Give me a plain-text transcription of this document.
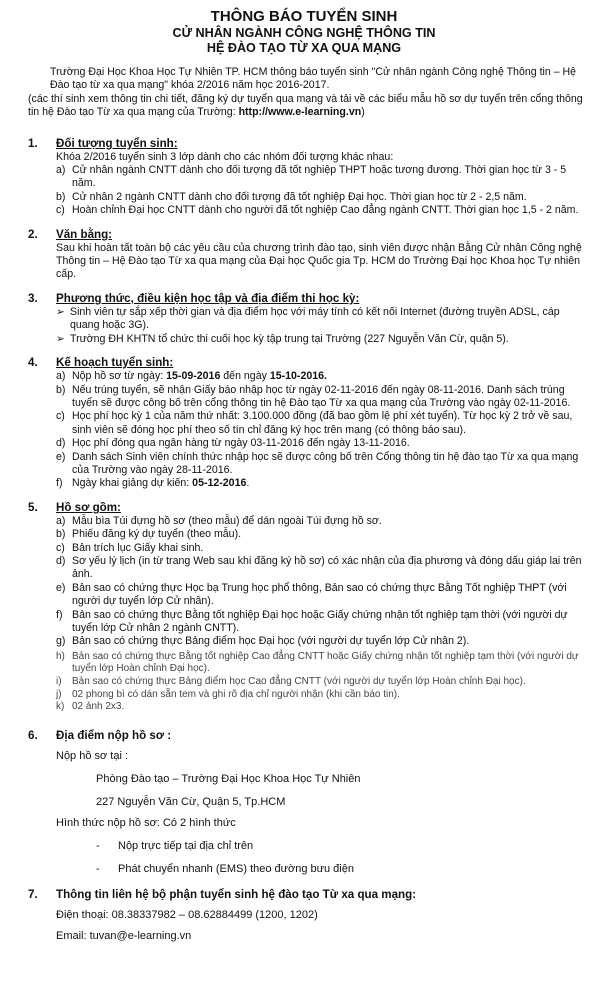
THÔNG BÁO TUYỂN SINH
CỬ NHÂN NGÀNH CÔNG NGHỆ THÔNG TIN
HỆ ĐÀO TẠO TỪ XA QUA MẠNG

Trường Đại Học Khoa Học Tự Nhiên TP. HCM thông báo tuyển sinh "Cử nhân ngành Công nghệ Thông tin – Hệ Đào tạo từ xa qua mạng" khóa 2/2016 năm học 2016-2017.

(các thí sinh xem thông tin chi tiết, đăng ký dự tuyển qua mạng và tải về các biểu mẫu hồ sơ dự tuyển trên cổng thông tin hệ Đào tạo Từ xa qua mạng của Trường: http://www.e-learning.vn)

1.	Đối tượng tuyển sinh:
Khóa 2/2016 tuyển sinh 3 lớp dành cho các nhóm đối tượng khác nhau:
a) Cử nhân ngành CNTT dành cho đối tượng đã tốt nghiệp THPT hoặc tương đương. Thời gian học từ 3 - 5 năm.
b) Cử nhân 2 ngành CNTT dành cho đối tượng đã tốt nghiệp Đại học. Thời gian học từ 2 - 2,5 năm.
c) Hoàn chỉnh Đại học CNTT dành cho người đã tốt nghiệp Cao đẳng ngành CNTT. Thời gian học 1,5 - 2 năm.
2.	Văn bằng:
Sau khi hoàn tất toàn bộ các yêu cầu của chương trình đào tạo, sinh viên được nhận Bằng Cử nhân Công nghệ Thông tin – Hệ Đào tạo Từ xa qua mạng của Đại học Quốc gia Tp. HCM do Trường Đại học Khoa học Tự nhiên cấp.
3.	Phương thức, điều kiện học tập và địa điểm thi học kỳ:
➢ Sinh viên tự sắp xếp thời gian và địa điểm học với máy tính có kết nối Internet (đường truyền ADSL, cáp quang hoặc 3G).
➢ Trường ĐH KHTN tổ chức thi cuối học kỳ tập trung tại Trường (227 Nguyễn Văn Cừ, quận 5).
4.	Kế hoạch tuyển sinh:
a) Nộp hồ sơ từ ngày: 15-09-2016 đến ngày 15-10-2016.
b) Nếu trúng tuyển, sẽ nhận Giấy báo nhập học từ ngày 02-11-2016 đến ngày 08-11-2016. Danh sách trúng tuyển sẽ được công bố trên cổng thông tin hệ Đào tạo Từ xa qua mạng của Trường vào ngày 02-11-2016.
c) Học phí học kỳ 1 của năm thứ nhất: 3.100.000 đồng (đã bao gồm lệ phí xét tuyển). Từ học kỳ 2 trở về sau, sinh viên sẽ đóng học phí theo số tín chỉ đăng ký học trên mạng (có thông báo sau).
d) Học phí đóng qua ngân hàng từ ngày 03-11-2016 đến ngày 13-11-2016.
e) Danh sách Sinh viên chính thức nhập học sẽ được công bố trên Cổng thông tin hệ đào tạo Từ xa qua mạng của Trường vào ngày 28-11-2016.
f) Ngày khai giảng dự kiến: 05-12-2016.
5.	Hồ sơ gồm:
a) Mẫu bìa Túi đựng hồ sơ (theo mẫu) để dán ngoài Túi đựng hồ sơ.
b) Phiếu đăng ký dự tuyển (theo mẫu).
c) Bản trích lục Giấy khai sinh.
d) Sơ yếu lý lịch (in từ trang Web sau khi đăng ký hồ sơ) có xác nhận của địa phương và đóng dấu giáp lai trên ảnh.
e) Bản sao có chứng thực Học bạ Trung học phổ thông, Bản sao có chứng thực Bằng Tốt nghiệp THPT (với người dự tuyển lớp Cử nhân).
f) Bản sao có chứng thực Bằng tốt nghiệp Đại học hoặc Giấy chứng nhận tốt nghiệp tạm thời (với người dự tuyển lớp Cử nhân 2 ngành CNTT).
g) Bản sao có chứng thực Bảng điểm học Đại học (với người dự tuyển lớp Cử nhân 2).
h) Bản sao có chứng thực Bằng tốt nghiệp Cao đẳng CNTT hoặc Giấy chứng nhận tốt nghiệp tạm thời (với người dự tuyển lớp Hoàn chỉnh Đại học).
i)	Bản sao có chứng thực Bảng điểm học Cao đẳng CNTT (với người dự tuyển lớp Hoàn chỉnh Đại học).
j)	02 phong bì có dán sẵn tem và ghi rõ địa chỉ người nhận (khi cần báo tin).
k) 02 ảnh 2x3.
6.	Địa điểm nộp hồ sơ :
Nộp hồ sơ tại :
Phòng Đào tạo – Trường Đại Học Khoa Học Tự Nhiên
227 Nguyễn Văn Cừ, Quận 5, Tp.HCM
Hình thức nộp hồ sơ: Có 2 hình thức
-	Nộp trực tiếp tại địa chỉ trên
-	Phát chuyển nhanh (EMS) theo đường bưu điện
7.	Thông tin liên hệ bộ phận tuyển sinh hệ đào tạo Từ xa qua mạng:
Điện thoại: 08.38337982 – 08.62884499 (1200, 1202)
Email: tuvan@e-learning.vn
